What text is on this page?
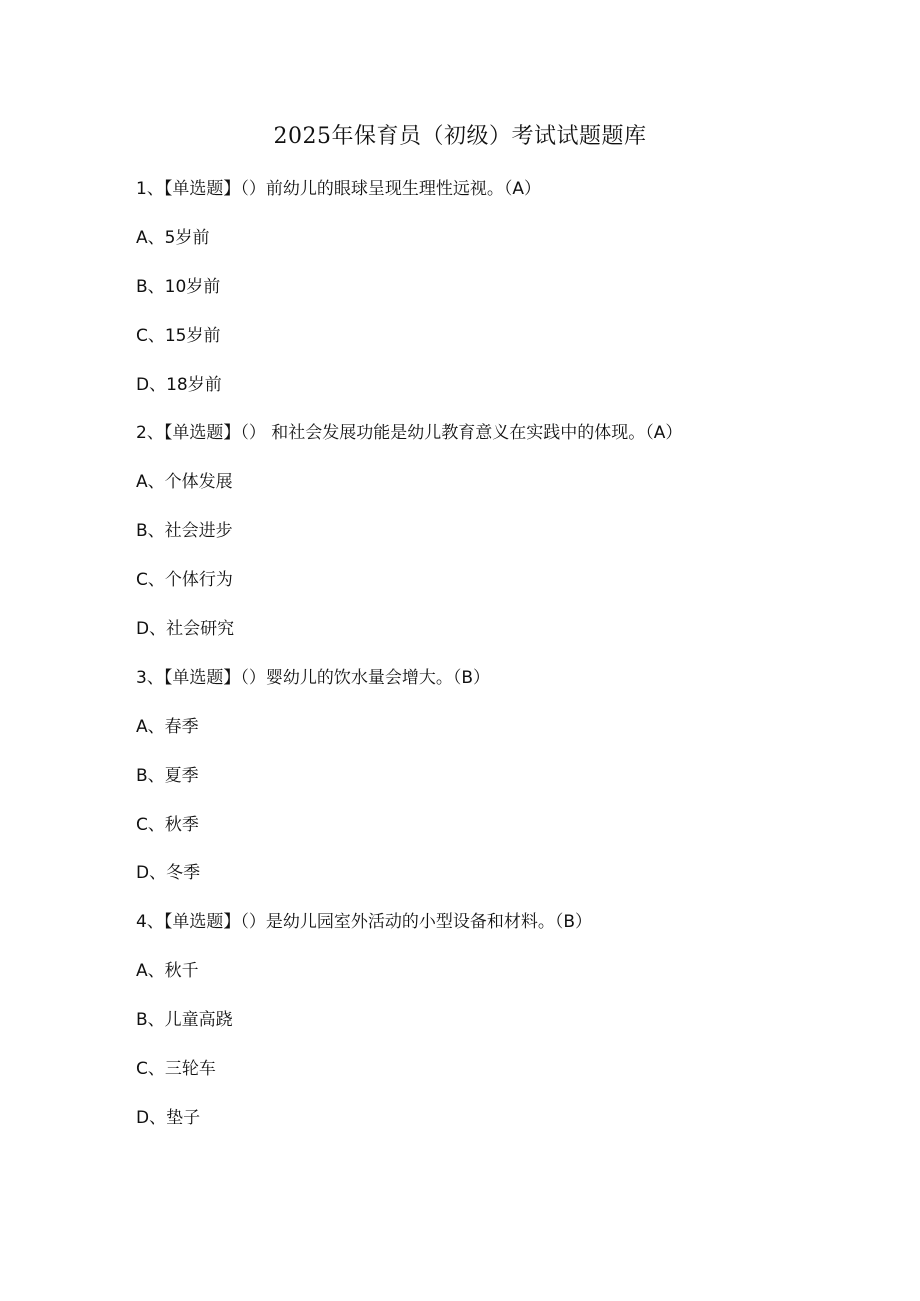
2025年保育员（初级）考试试题题库
1、【单选题】（）前幼儿的眼球呈现生理性远视。（A）
A、5岁前
B、10岁前
C、15岁前
D、18岁前
2、【单选题】（） 和社会发展功能是幼儿教育意义在实践中的体现。（A）
A、个体发展
B、社会进步
C、个体行为
D、社会研究
3、【单选题】（）婴幼儿的饮水量会增大。（B）
A、春季
B、夏季
C、秋季
D、冬季
4、【单选题】（）是幼儿园室外活动的小型设备和材料。（B）
A、秋千
B、儿童高跷
C、三轮车
D、垫子
